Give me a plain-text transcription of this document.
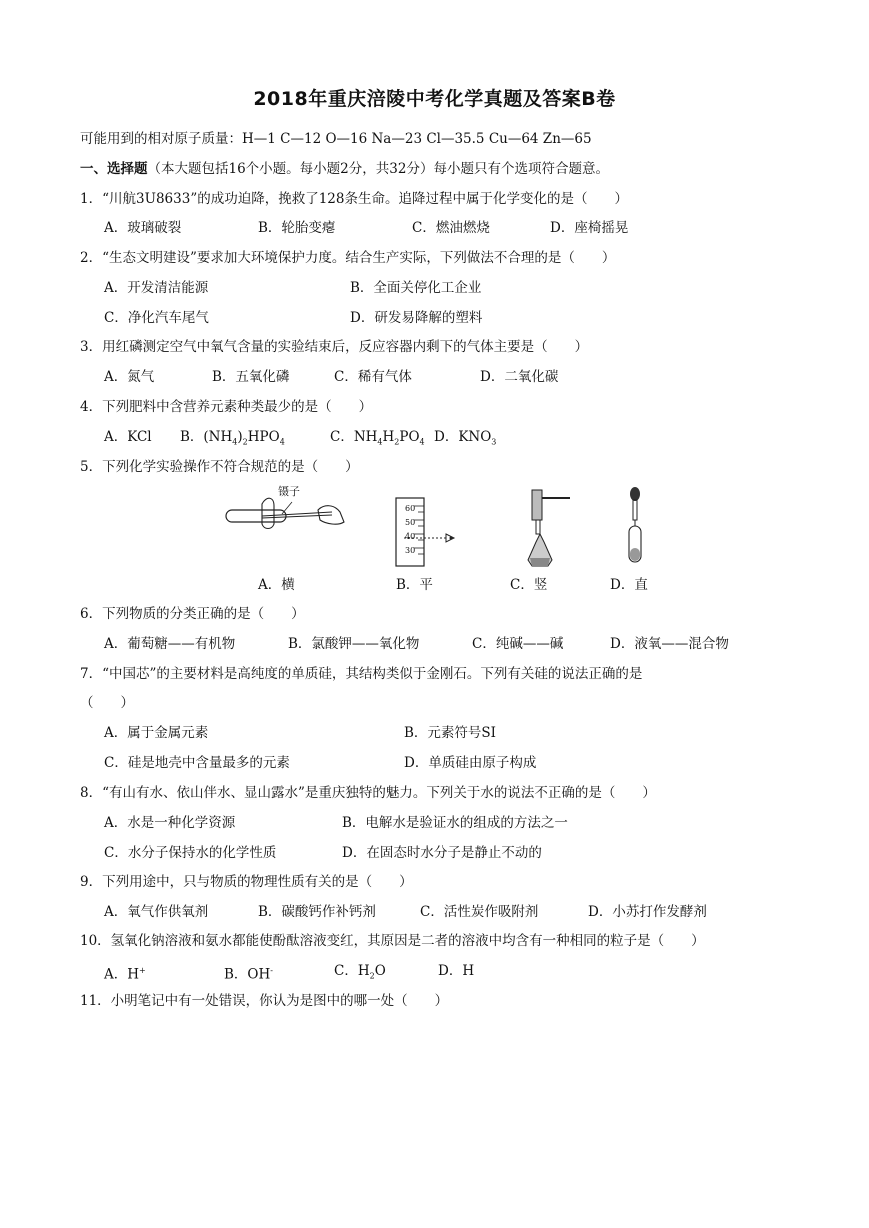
2018年重庆涪陵中考化学真题及答案B卷
可能用到的相对原子质量：H—1 C—12 O—16 Na—23 Cl—35.5 Cu—64 Zn—65
一、选择题（本大题包括16个小题。每小题2分，共32分）每小题只有个选项符合题意。
1．“川航3U8633”的成功迫降，挽救了128条生命。追降过程中属于化学变化的是（　　）
A．玻璃破裂	B．轮胎变瘪	C．燃油燃烧	D．座椅摇晃
2．“生态文明建设”要求加大环境保护力度。结合生产实际，下列做法不合理的是（　　）
A．开发清洁能源	B．全面关停化工企业
C．净化汽车尾气	D．研发易降解的塑料
3．用红磷测定空气中氧气含量的实验结束后，反应容器内剩下的气体主要是（　　）
A．氮气	B．五氧化磷	C．稀有气体	D．二氧化碳
4．下列肥料中含营养元素种类最少的是（　　）
A．KCl B．$(NH_4)_2HPO_4$	C．$NH_4H_2PO_4$ D．$KNO_3$
5．下列化学实验操作不符合规范的是（　　）
镊子
60
50
40
30
A．横	B．平	C．竖	D．直
6．下列物质的分类正确的是（　　）
A．葡萄糖——有机物	B．氯酸钾——氧化物	C．纯碱——碱	D．液氧——混合物
7．“中国芯”的主要材料是高纯度的单质硅，其结构类似于金刚石。下列有关硅的说法正确的是
（　　）
A．属于金属元素	B．元素符号SI
C．硅是地壳中含量最多的元素	D．单质硅由原子构成
8．“有山有水、依山伴水、显山露水”是重庆独特的魅力。下列关于水的说法不正确的是（　　）
A．水是一种化学资源	B．电解水是验证水的组成的方法之一
C．水分子保持水的化学性质	D．在固态时水分子是静止不动的
9．下列用途中，只与物质的物理性质有关的是（　　）
A．氧气作供氧剂	B．碳酸钙作补钙剂	C．活性炭作吸附剂	D．小苏打作发酵剂
10．氢氧化钠溶液和氨水都能使酚酞溶液变红，其原因是二者的溶液中均含有一种相同的粒子是（　　）
A．H+	B．OH-	C．$H_2O$	D．H
11．小明笔记中有一处错误，你认为是图中的哪一处（　　）
